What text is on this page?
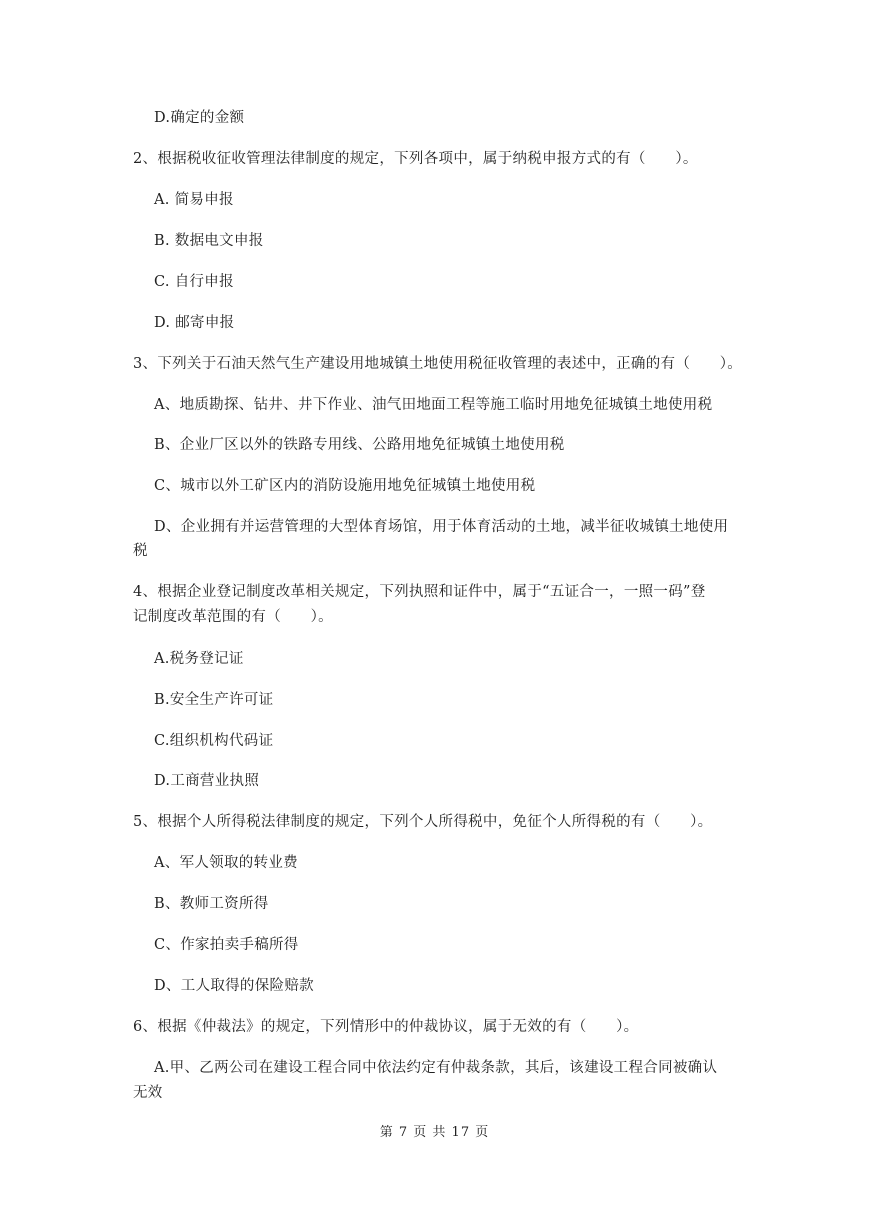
D.确定的金额
2、根据税收征收管理法律制度的规定，下列各项中，属于纳税申报方式的有（　　）。
A. 简易申报
B. 数据电文申报
C. 自行申报
D. 邮寄申报
3、下列关于石油天然气生产建设用地城镇土地使用税征收管理的表述中，正确的有（　　）。
A、地质勘探、钻井、井下作业、油气田地面工程等施工临时用地免征城镇土地使用税
B、企业厂区以外的铁路专用线、公路用地免征城镇土地使用税
C、城市以外工矿区内的消防设施用地免征城镇土地使用税
D、企业拥有并运营管理的大型体育场馆，用于体育活动的土地，减半征收城镇土地使用
税
4、根据企业登记制度改革相关规定，下列执照和证件中，属于“五证合一，一照一码”登
记制度改革范围的有（　　）。
A.税务登记证
B.安全生产许可证
C.组织机构代码证
D.工商营业执照
5、根据个人所得税法律制度的规定，下列个人所得税中，免征个人所得税的有（　　）。
A、军人领取的转业费
B、教师工资所得
C、作家拍卖手稿所得
D、工人取得的保险赔款
6、根据《仲裁法》的规定，下列情形中的仲裁协议，属于无效的有（　　）。
A.甲、乙两公司在建设工程合同中依法约定有仲裁条款，其后，该建设工程合同被确认
无效
第 7 页 共 17 页
